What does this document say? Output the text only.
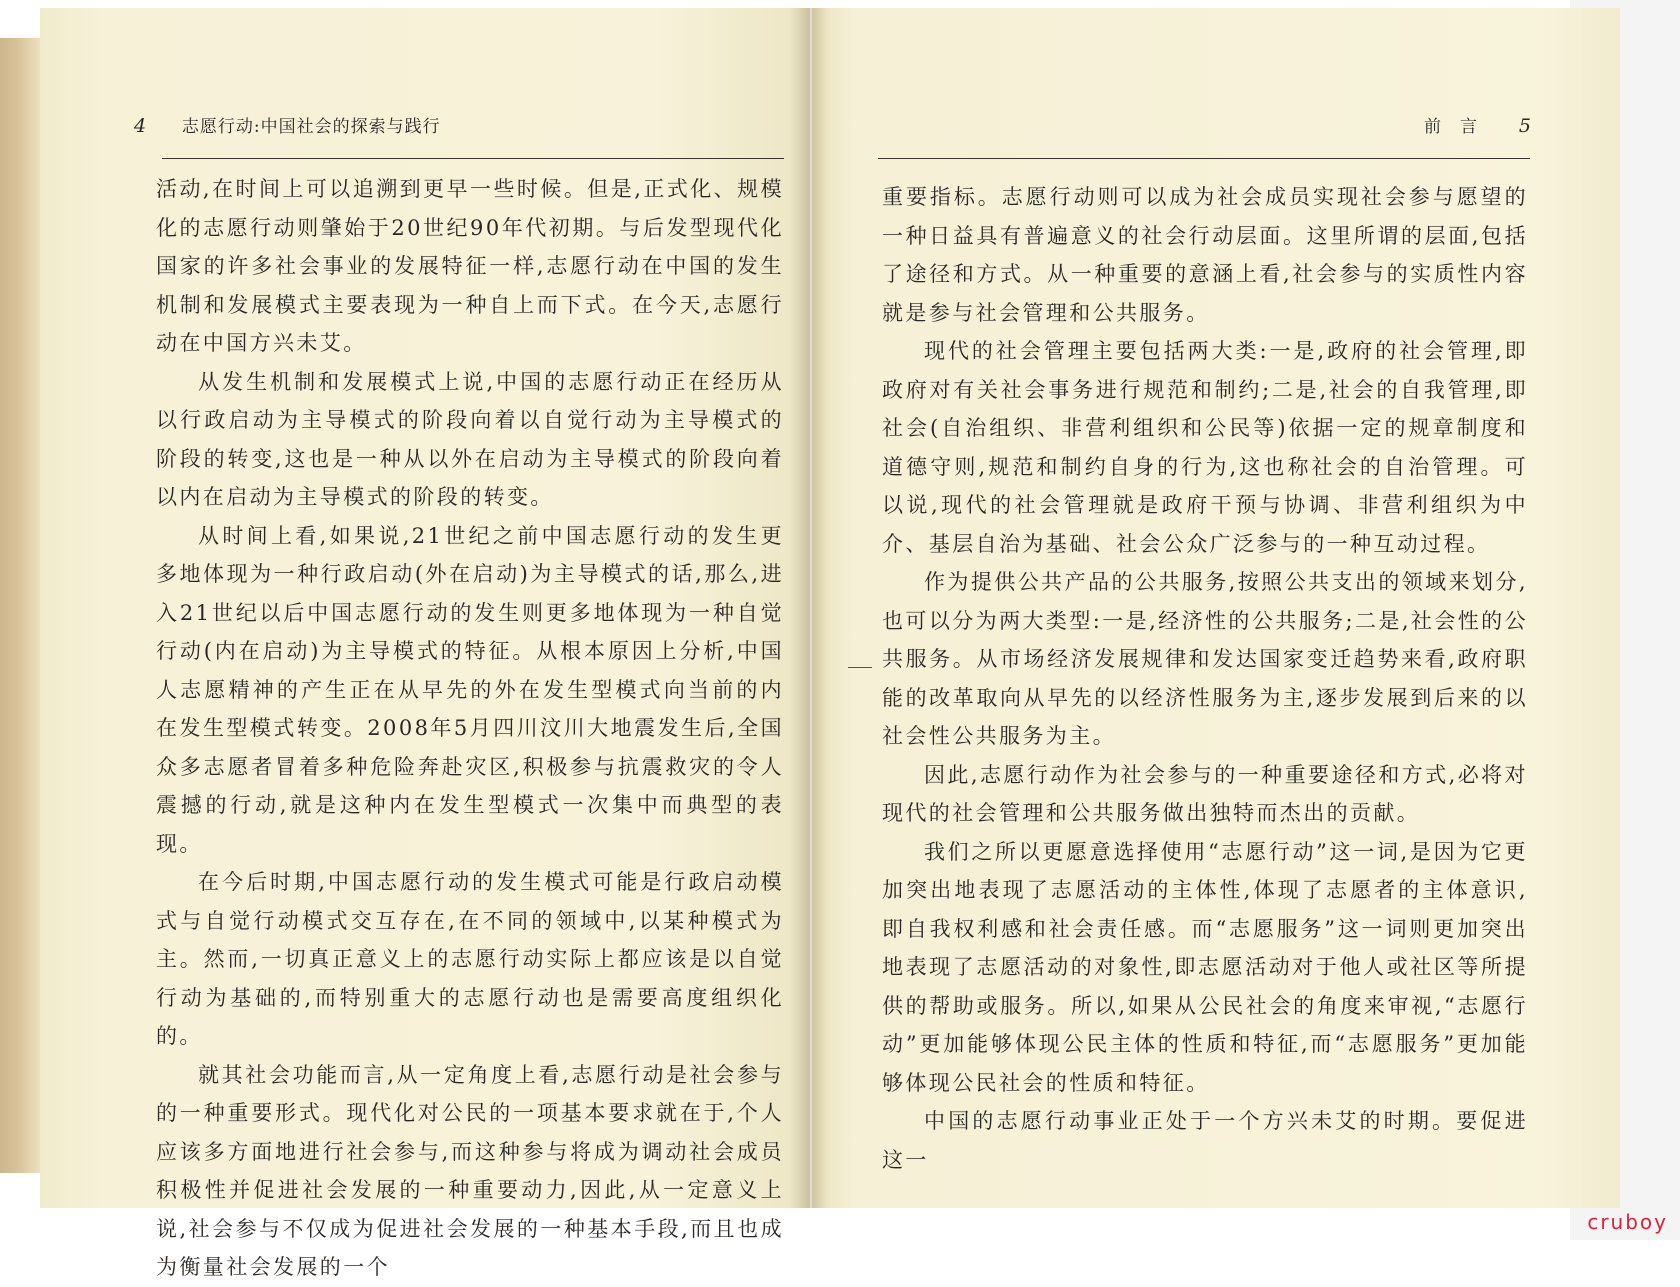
4 志愿行动:中国社会的探索与践行

活动,在时间上可以追溯到更早一些时候。但是,正式化、规模化的志愿行动则肇始于20世纪90年代初期。与后发型现代化国家的许多社会事业的发展特征一样,志愿行动在中国的发生机制和发展模式主要表现为一种自上而下式。在今天,志愿行动在中国方兴未艾。

从发生机制和发展模式上说,中国的志愿行动正在经历从以行政启动为主导模式的阶段向着以自觉行动为主导模式的阶段的转变,这也是一种从以外在启动为主导模式的阶段向着以内在启动为主导模式的阶段的转变。

从时间上看,如果说,21世纪之前中国志愿行动的发生更多地体现为一种行政启动(外在启动)为主导模式的话,那么,进入21世纪以后中国志愿行动的发生则更多地体现为一种自觉行动(内在启动)为主导模式的特征。从根本原因上分析,中国人志愿精神的产生正在从早先的外在发生型模式向当前的内在发生型模式转变。2008年5月四川汶川大地震发生后,全国众多志愿者冒着多种危险奔赴灾区,积极参与抗震救灾的令人震撼的行动,就是这种内在发生型模式一次集中而典型的表现。

在今后时期,中国志愿行动的发生模式可能是行政启动模式与自觉行动模式交互存在,在不同的领域中,以某种模式为主。然而,一切真正意义上的志愿行动实际上都应该是以自觉行动为基础的,而特别重大的志愿行动也是需要高度组织化的。

就其社会功能而言,从一定角度上看,志愿行动是社会参与的一种重要形式。现代化对公民的一项基本要求就在于,个人应该多方面地进行社会参与,而这种参与将成为调动社会成员积极性并促进社会发展的一种重要动力,因此,从一定意义上说,社会参与不仅成为促进社会发展的一种基本手段,而且也成为衡量社会发展的一个

前　言 5

重要指标。志愿行动则可以成为社会成员实现社会参与愿望的一种日益具有普遍意义的社会行动层面。这里所谓的层面,包括了途径和方式。从一种重要的意涵上看,社会参与的实质性内容就是参与社会管理和公共服务。

现代的社会管理主要包括两大类:一是,政府的社会管理,即政府对有关社会事务进行规范和制约;二是,社会的自我管理,即社会(自治组织、非营利组织和公民等)依据一定的规章制度和道德守则,规范和制约自身的行为,这也称社会的自治管理。可以说,现代的社会管理就是政府干预与协调、非营利组织为中介、基层自治为基础、社会公众广泛参与的一种互动过程。

作为提供公共产品的公共服务,按照公共支出的领域来划分,也可以分为两大类型:一是,经济性的公共服务;二是,社会性的公共服务。从市场经济发展规律和发达国家变迁趋势来看,政府职能的改革取向从早先的以经济性服务为主,逐步发展到后来的以社会性公共服务为主。

因此,志愿行动作为社会参与的一种重要途径和方式,必将对现代的社会管理和公共服务做出独特而杰出的贡献。

我们之所以更愿意选择使用“志愿行动”这一词,是因为它更加突出地表现了志愿活动的主体性,体现了志愿者的主体意识,即自我权利感和社会责任感。而“志愿服务”这一词则更加突出地表现了志愿活动的对象性,即志愿活动对于他人或社区等所提供的帮助或服务。所以,如果从公民社会的角度来审视,“志愿行动”更加能够体现公民主体的性质和特征,而“志愿服务”更加能够体现公民社会的性质和特征。

中国的志愿行动事业正处于一个方兴未艾的时期。要促进这一

cruboy
